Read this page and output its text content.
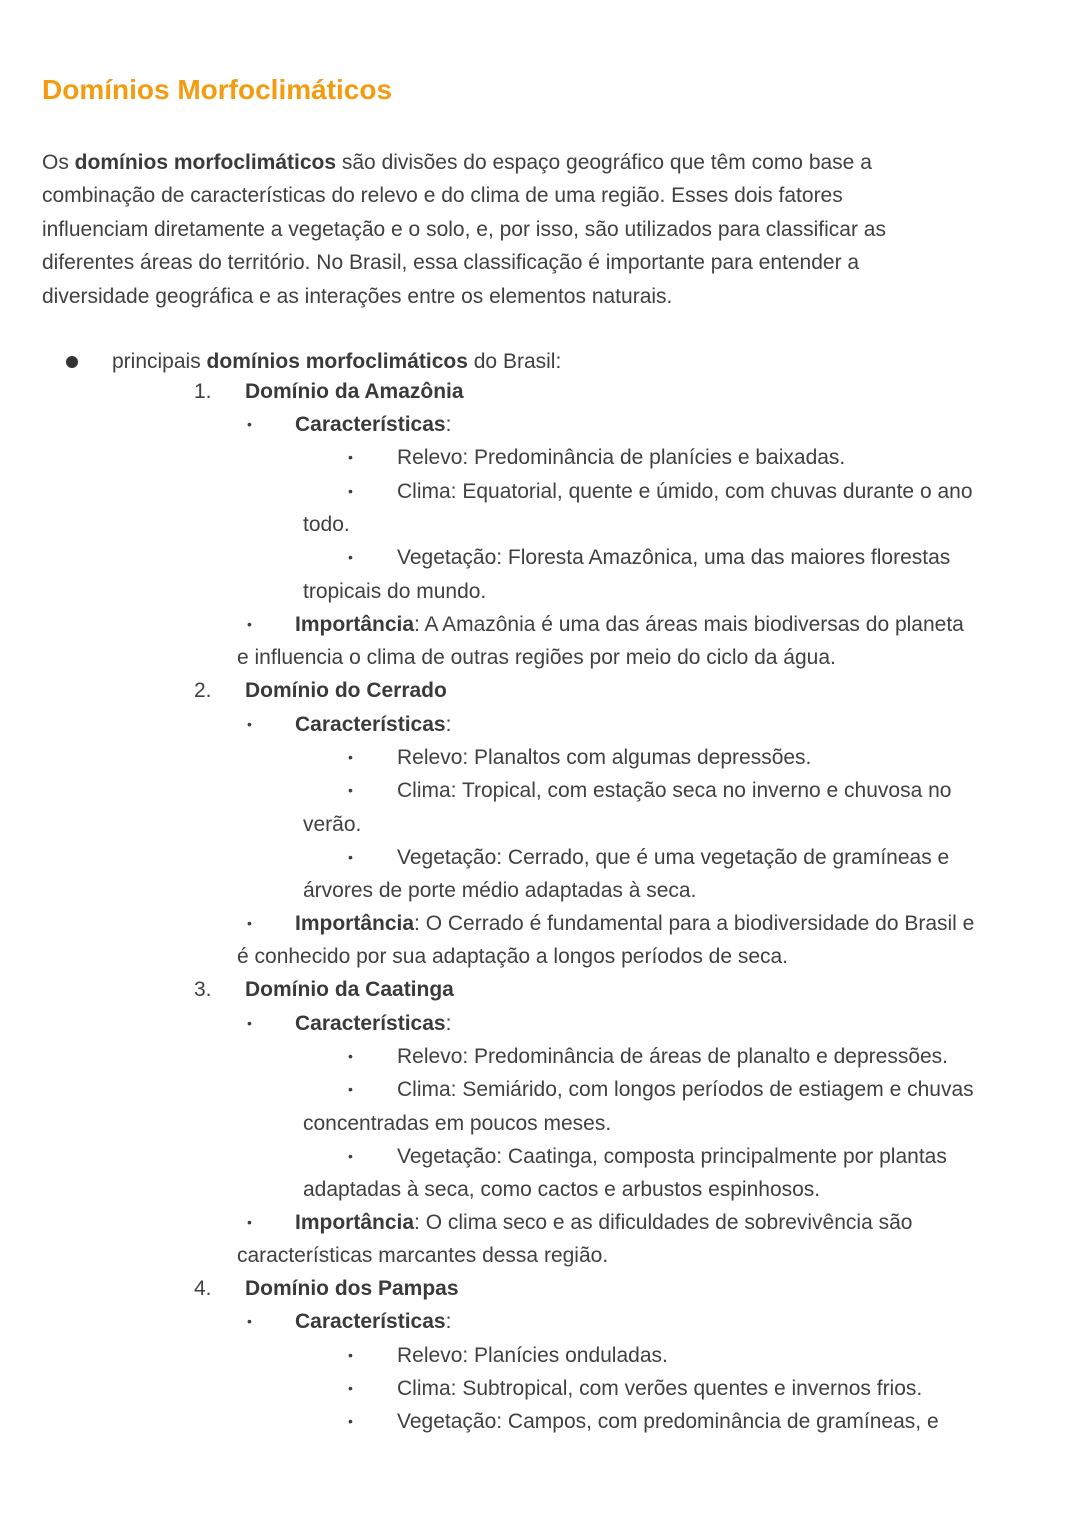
Domínios Morfoclimáticos
Os domínios morfoclimáticos são divisões do espaço geográfico que têm como base a
combinação de características do relevo e do clima de uma região. Esses dois fatores
influenciam diretamente a vegetação e o solo, e, por isso, são utilizados para classificar as
diferentes áreas do território. No Brasil, essa classificação é importante para entender a
diversidade geográfica e as interações entre os elementos naturais.
principais domínios morfoclimáticos do Brasil:
1. Domínio da Amazônia
• Características:
• Relevo: Predominância de planícies e baixadas.
• Clima: Equatorial, quente e úmido, com chuvas durante o ano
todo.
• Vegetação: Floresta Amazônica, uma das maiores florestas
tropicais do mundo.
• Importância: A Amazônia é uma das áreas mais biodiversas do planeta
e influencia o clima de outras regiões por meio do ciclo da água.
2. Domínio do Cerrado
• Características:
• Relevo: Planaltos com algumas depressões.
• Clima: Tropical, com estação seca no inverno e chuvosa no
verão.
• Vegetação: Cerrado, que é uma vegetação de gramíneas e
árvores de porte médio adaptadas à seca.
• Importância: O Cerrado é fundamental para a biodiversidade do Brasil e
é conhecido por sua adaptação a longos períodos de seca.
3. Domínio da Caatinga
• Características:
• Relevo: Predominância de áreas de planalto e depressões.
• Clima: Semiárido, com longos períodos de estiagem e chuvas
concentradas em poucos meses.
• Vegetação: Caatinga, composta principalmente por plantas
adaptadas à seca, como cactos e arbustos espinhosos.
• Importância: O clima seco e as dificuldades de sobrevivência são
características marcantes dessa região.
4. Domínio dos Pampas
• Características:
• Relevo: Planícies onduladas.
• Clima: Subtropical, com verões quentes e invernos frios.
• Vegetação: Campos, com predominância de gramíneas, e
